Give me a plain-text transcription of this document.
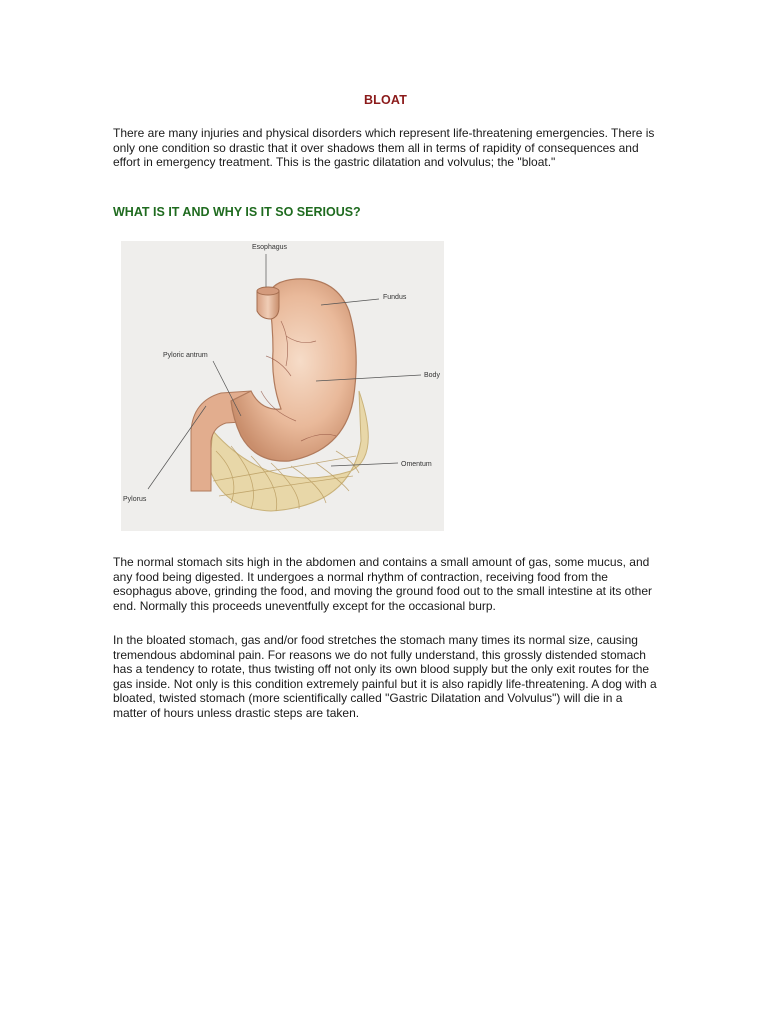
BLOAT

There are many injuries and physical disorders which represent life-threatening emergencies. There is only one condition so drastic that it over shadows them all in terms of rapidity of consequences and effort in emergency treatment. This is the gastric dilatation and volvulus; the "bloat."

WHAT IS IT AND WHY IS IT SO SERIOUS?
Esophagus
Fundus
Pyloric antrum
Body
Omentum
Pylorus

The normal stomach sits high in the abdomen and contains a small amount of gas, some mucus, and any food being digested. It undergoes a normal rhythm of contraction, receiving food from the esophagus above, grinding the food, and moving the ground food out to the small intestine at its other end. Normally this proceeds uneventfully except for the occasional burp.

In the bloated stomach, gas and/or food stretches the stomach many times its normal size, causing tremendous abdominal pain. For reasons we do not fully understand, this grossly distended stomach has a tendency to rotate, thus twisting off not only its own blood supply but the only exit routes for the gas inside. Not only is this condition extremely painful but it is also rapidly life-threatening. A dog with a bloated, twisted stomach (more scientifically called "Gastric Dilatation and Volvulus") will die in a matter of hours unless drastic steps are taken.
